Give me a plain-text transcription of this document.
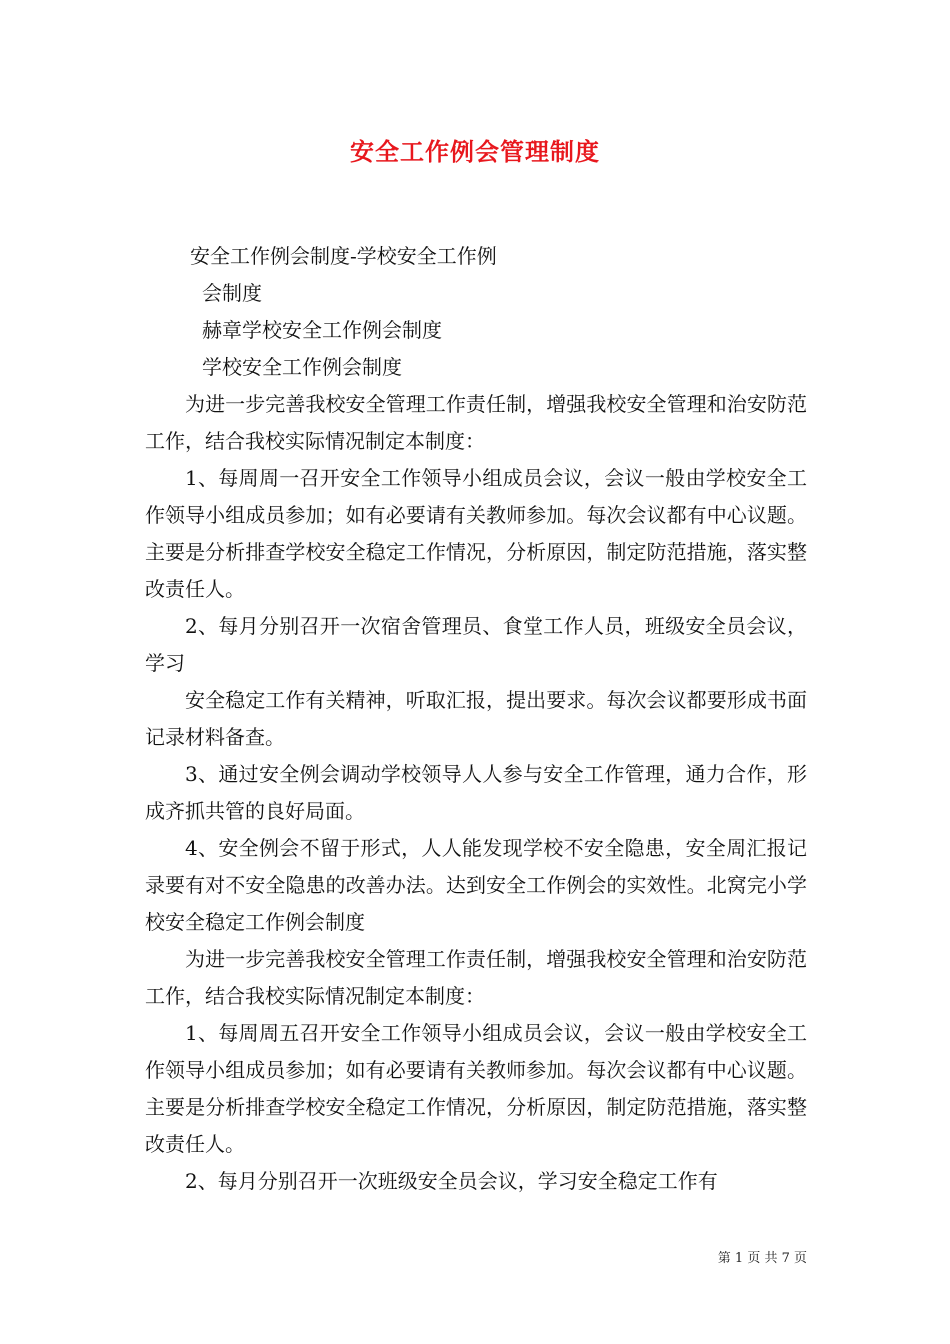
安全工作例会管理制度

安全工作例会制度-学校安全工作例

会制度

赫章学校安全工作例会制度

学校安全工作例会制度

为进一步完善我校安全管理工作责任制，增强我校安全管理和治安防范工作，结合我校实际情况制定本制度：

1、每周周一召开安全工作领导小组成员会议，会议一般由学校安全工作领导小组成员参加；如有必要请有关教师参加。每次会议都有中心议题。主要是分析排查学校安全稳定工作情况，分析原因，制定防范措施，落实整改责任人。

2、每月分别召开一次宿舍管理员、食堂工作人员，班级安全员会议，学习

安全稳定工作有关精神，听取汇报，提出要求。每次会议都要形成书面记录材料备查。

3、通过安全例会调动学校领导人人参与安全工作管理，通力合作，形成齐抓共管的良好局面。

4、安全例会不留于形式，人人能发现学校不安全隐患，安全周汇报记录要有对不安全隐患的改善办法。达到安全工作例会的实效性。北窝完小学校安全稳定工作例会制度

为进一步完善我校安全管理工作责任制，增强我校安全管理和治安防范工作，结合我校实际情况制定本制度：

1、每周周五召开安全工作领导小组成员会议，会议一般由学校安全工作领导小组成员参加；如有必要请有关教师参加。每次会议都有中心议题。主要是分析排查学校安全稳定工作情况，分析原因，制定防范措施，落实整改责任人。

2、每月分别召开一次班级安全员会议，学习安全稳定工作有

第 1 页 共 7 页
